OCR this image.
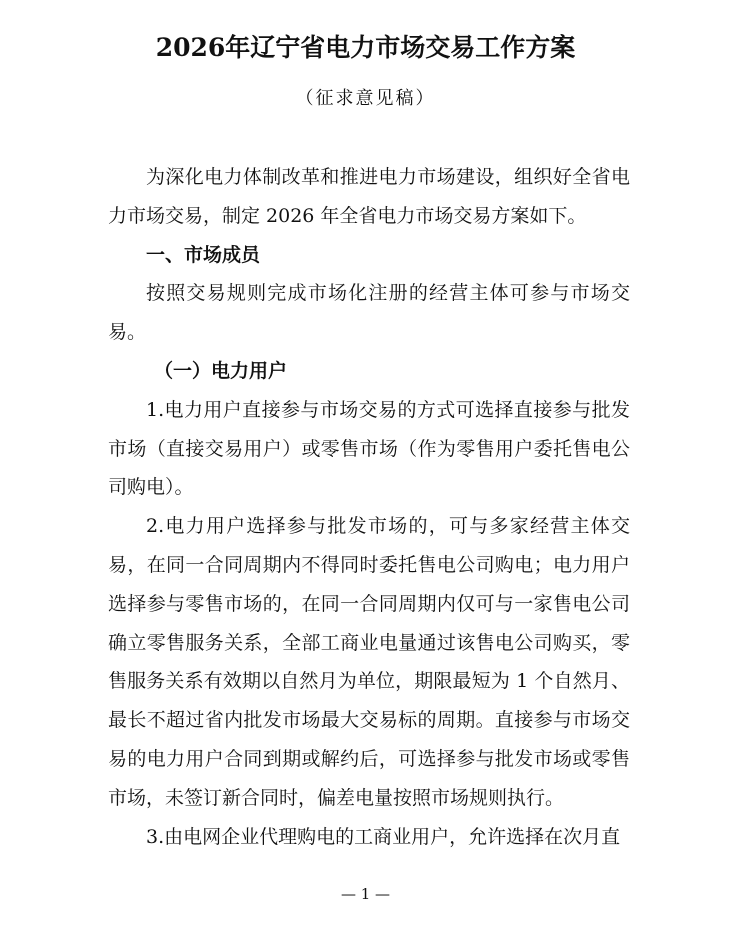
2026年辽宁省电力市场交易工作方案
（征求意见稿）

为深化电力体制改革和推进电力市场建设，组织好全省电力市场交易，制定 2026 年全省电力市场交易方案如下。

一、市场成员

按照交易规则完成市场化注册的经营主体可参与市场交易。

（一）电力用户

1.电力用户直接参与市场交易的方式可选择直接参与批发市场（直接交易用户）或零售市场（作为零售用户委托售电公司购电）。

2.电力用户选择参与批发市场的，可与多家经营主体交易，在同一合同周期内不得同时委托售电公司购电；电力用户选择参与零售市场的，在同一合同周期内仅可与一家售电公司确立零售服务关系，全部工商业电量通过该售电公司购买，零售服务关系有效期以自然月为单位，期限最短为 1 个自然月、最长不超过省内批发市场最大交易标的周期。直接参与市场交易的电力用户合同到期或解约后，可选择参与批发市场或零售市场，未签订新合同时，偏差电量按照市场规则执行。

3.由电网企业代理购电的工商业用户，允许选择在次月直

— 1 —
